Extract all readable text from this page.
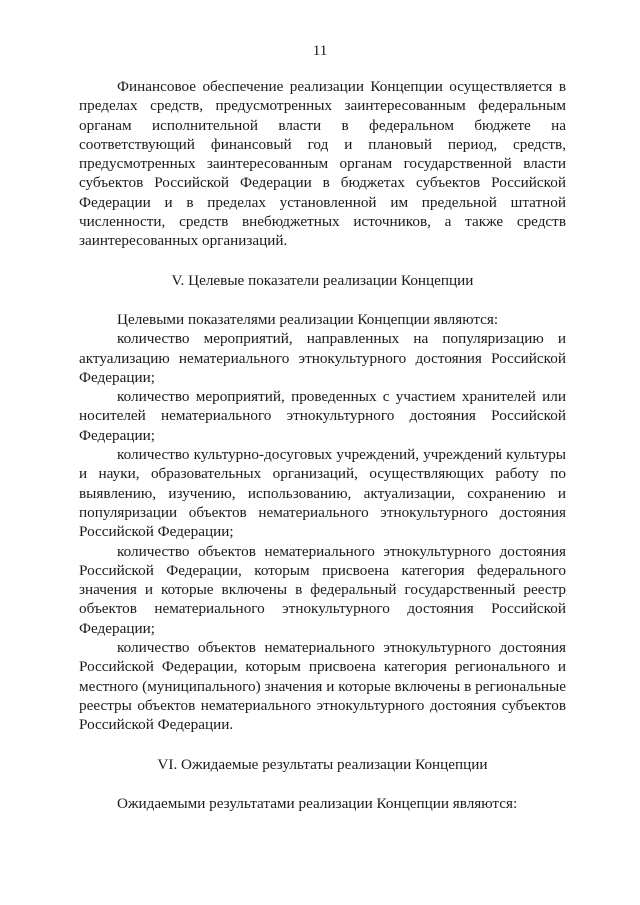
11

Финансовое обеспечение реализации Концепции осуществляется в пределах средств, предусмотренных заинтересованным федеральным органам исполнительной власти в федеральном бюджете на соответствующий финансовый год и плановый период, средств, предусмотренных заинтересованным органам государственной власти субъектов Российской Федерации в бюджетах субъектов Российской Федерации и в пределах установленной им предельной штатной численности, средств внебюджетных источников, а также средств заинтересованных организаций.

V. Целевые показатели реализации Концепции

Целевыми показателями реализации Концепции являются:

количество мероприятий, направленных на популяризацию и актуализацию нематериального этнокультурного достояния Российской Федерации;

количество мероприятий, проведенных с участием хранителей или носителей нематериального этнокультурного достояния Российской Федерации;

количество культурно-досуговых учреждений, учреждений культуры и науки, образовательных организаций, осуществляющих работу по выявлению, изучению, использованию, актуализации, сохранению и популяризации объектов нематериального этнокультурного достояния Российской Федерации;

количество объектов нематериального этнокультурного достояния Российской Федерации, которым присвоена категория федерального значения и которые включены в федеральный государственный реестр объектов нематериального этнокультурного достояния Российской Федерации;

количество объектов нематериального этнокультурного достояния Российской Федерации, которым присвоена категория регионального и местного (муниципального) значения и которые включены в региональные реестры объектов нематериального этнокультурного достояния субъектов Российской Федерации.

VI. Ожидаемые результаты реализации Концепции

Ожидаемыми результатами реализации Концепции являются:
